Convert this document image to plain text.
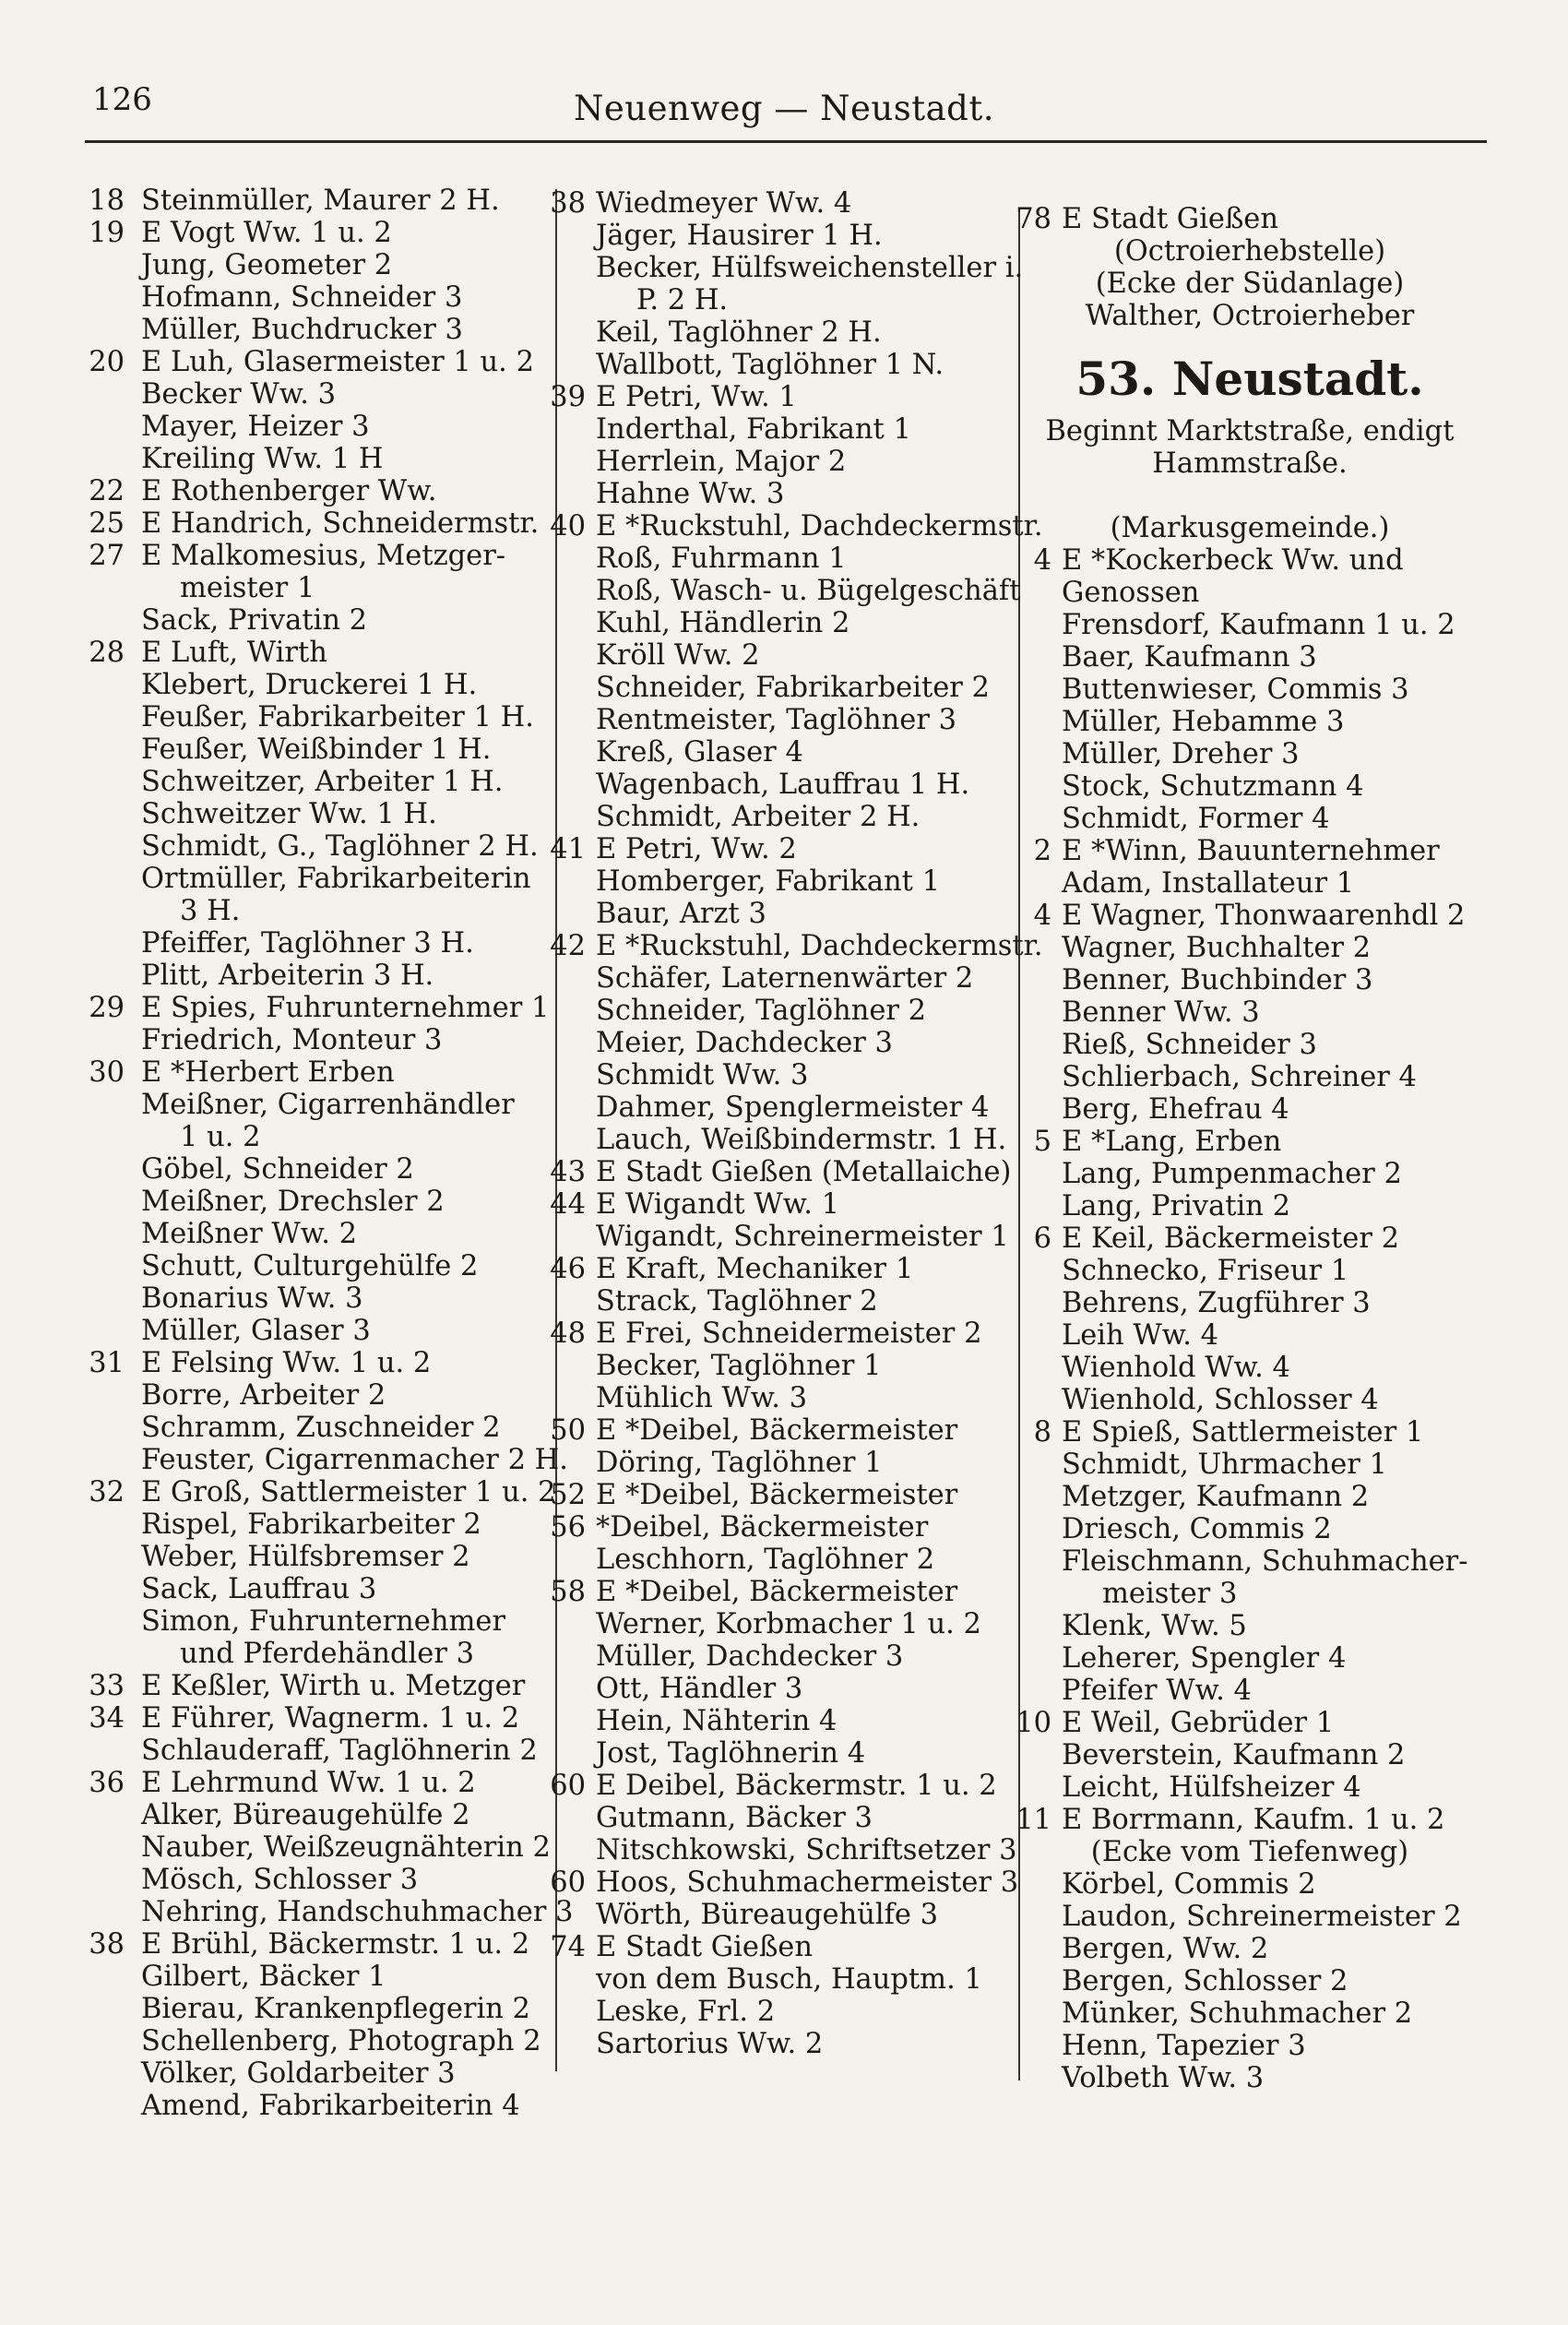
126	Neuenweg — Neustadt.
18 Steinmüller, Maurer 2 H.
19 E Vogt Ww. 1 u. 2
Jung, Geometer 2
Hofmann, Schneider 3
Müller, Buchdrucker 3
20 E Luh, Glasermeister 1 u. 2
Becker Ww. 3
Mayer, Heizer 3
Kreiling Ww. 1 H
22 E Rothenberger Ww.
25 E Handrich, Schneidermstr.
27 E Malkomesius, Metzger-
meister 1
Sack, Privatin 2
28 E Luft, Wirth
Klebert, Druckerei 1 H.
Feußer, Fabrikarbeiter 1 H.
Feußer, Weißbinder 1 H.
Schweitzer, Arbeiter 1 H.
Schweitzer Ww. 1 H.
Schmidt, G., Taglöhner 2 H.
Ortmüller, Fabrikarbeiterin
3 H.
Pfeiffer, Taglöhner 3 H.
Plitt, Arbeiterin 3 H.
29 E Spies, Fuhrunternehmer 1
Friedrich, Monteur 3
30 E *Herbert Erben
Meißner, Cigarrenhändler
1 u. 2
Göbel, Schneider 2
Meißner, Drechsler 2
Meißner Ww. 2
Schutt, Culturgehülfe 2
Bonarius Ww. 3
Müller, Glaser 3
31 E Felsing Ww. 1 u. 2
Borre, Arbeiter 2
Schramm, Zuschneider 2
Feuster, Cigarrenmacher 2 H.
32 E Groß, Sattlermeister 1 u. 2
Rispel, Fabrikarbeiter 2
Weber, Hülfsbremser 2
Sack, Lauffrau 3
Simon, Fuhrunternehmer
und Pferdehändler 3
33 E Keßler, Wirth u. Metzger
34 E Führer, Wagnerm. 1 u. 2
Schlauderaff, Taglöhnerin 2
36 E Lehrmund Ww. 1 u. 2
Alker, Büreaugehülfe 2
Nauber, Weißzeugnähterin 2
Mösch, Schlosser 3
Nehring, Handschuhmacher 3
38 E Brühl, Bäckermstr. 1 u. 2
Gilbert, Bäcker 1
Bierau, Krankenpflegerin 2
Schellenberg, Photograph 2
Völker, Goldarbeiter 3
Amend, Fabrikarbeiterin 4
38 Wiedmeyer Ww. 4
Jäger, Hausirer 1 H.
Becker, Hülfsweichensteller i.
P. 2 H.
Keil, Taglöhner 2 H.
Wallbott, Taglöhner 1 N.
39 E Petri, Ww. 1
Inderthal, Fabrikant 1
Herrlein, Major 2
Hahne Ww. 3
40 E *Ruckstuhl, Dachdeckermstr.
Roß, Fuhrmann 1
Roß, Wasch- u. Bügelgeschäft
Kuhl, Händlerin 2
Kröll Ww. 2
Schneider, Fabrikarbeiter 2
Rentmeister, Taglöhner 3
Kreß, Glaser 4
Wagenbach, Lauffrau 1 H.
Schmidt, Arbeiter 2 H.
41 E Petri, Ww. 2
Homberger, Fabrikant 1
Baur, Arzt 3
42 E *Ruckstuhl, Dachdeckermstr.
Schäfer, Laternenwärter 2
Schneider, Taglöhner 2
Meier, Dachdecker 3
Schmidt Ww. 3
Dahmer, Spenglermeister 4
Lauch, Weißbindermstr. 1 H.
43 E Stadt Gießen (Metallaiche)
44 E Wigandt Ww. 1
Wigandt, Schreinermeister 1
46 E Kraft, Mechaniker 1
Strack, Taglöhner 2
48 E Frei, Schneidermeister 2
Becker, Taglöhner 1
Mühlich Ww. 3
50 E *Deibel, Bäckermeister
Döring, Taglöhner 1
52 E *Deibel, Bäckermeister
56 *Deibel, Bäckermeister
Leschhorn, Taglöhner 2
58 E *Deibel, Bäckermeister
Werner, Korbmacher 1 u. 2
Müller, Dachdecker 3
Ott, Händler 3
Hein, Nähterin 4
Jost, Taglöhnerin 4
60 E Deibel, Bäckermstr. 1 u. 2
Gutmann, Bäcker 3
Nitschkowski, Schriftsetzer 3
60 Hoos, Schuhmachermeister 3
Wörth, Büreaugehülfe 3
74 E Stadt Gießen
von dem Busch, Hauptm. 1
Leske, Frl. 2
Sartorius Ww. 2
78 E Stadt Gießen
(Octroierhebstelle)
(Ecke der Südanlage)
Walther, Octroierheber
53. Neustadt.
Beginnt Marktstraße, endigt
Hammstraße.
(Markusgemeinde.)
4 E *Kockerbeck Ww. und
Genossen
Frensdorf, Kaufmann 1 u. 2
Baer, Kaufmann 3
Buttenwieser, Commis 3
Müller, Hebamme 3
Müller, Dreher 3
Stock, Schutzmann 4
Schmidt, Former 4
2 E *Winn, Bauunternehmer
Adam, Installateur 1
4 E Wagner, Thonwaarenhdl 2
Wagner, Buchhalter 2
Benner, Buchbinder 3
Benner Ww. 3
Rieß, Schneider 3
Schlierbach, Schreiner 4
Berg, Ehefrau 4
5 E *Lang, Erben
Lang, Pumpenmacher 2
Lang, Privatin 2
6 E Keil, Bäckermeister 2
Schnecko, Friseur 1
Behrens, Zugführer 3
Leih Ww. 4
Wienhold Ww. 4
Wienhold, Schlosser 4
8 E Spieß, Sattlermeister 1
Schmidt, Uhrmacher 1
Metzger, Kaufmann 2
Driesch, Commis 2
Fleischmann, Schuhmacher-
meister 3
Klenk, Ww. 5
Leherer, Spengler 4
Pfeifer Ww. 4
10 E Weil, Gebrüder 1
Beverstein, Kaufmann 2
Leicht, Hülfsheizer 4
11 E Borrmann, Kaufm. 1 u. 2
(Ecke vom Tiefenweg)
Körbel, Commis 2
Laudon, Schreinermeister 2
Bergen, Ww. 2
Bergen, Schlosser 2
Münker, Schuhmacher 2
Henn, Tapezier 3
Volbeth Ww. 3
